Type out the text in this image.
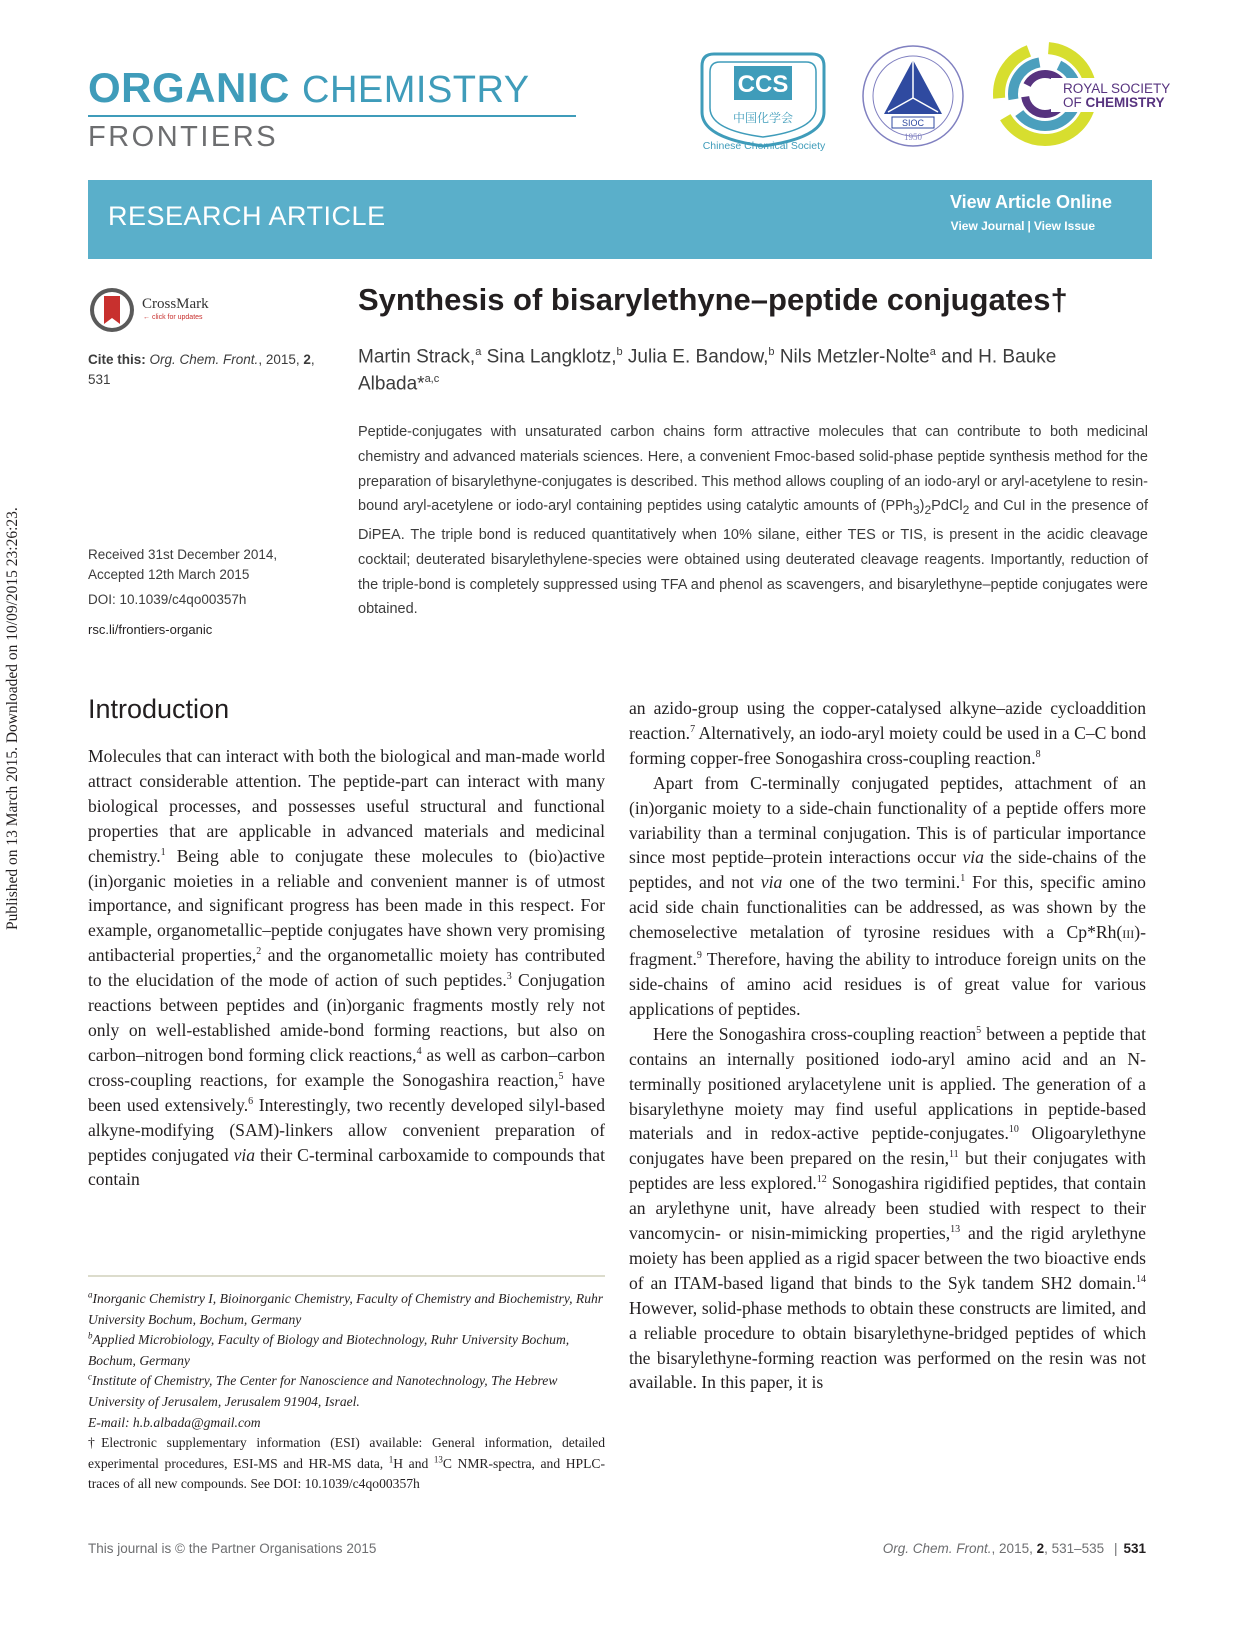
Published on 13 March 2015. Downloaded on 10/09/2015 23:26:23.
ORGANIC CHEMISTRY
FRONTIERS
CCS
中国化学会
Chinese Chemical Society
SIOC
1950
ROYAL SOCIETY
OF CHEMISTRY
RESEARCH ARTICLE	View Article Online
View Journal | View Issue
CrossMark
← click for updates
Cite this: Org. Chem. Front., 2015, 2, 531
Received 31st December 2014,
Accepted 12th March 2015
DOI: 10.1039/c4qo00357h
rsc.li/frontiers-organic
Synthesis of bisarylethyne–peptide conjugates†
Martin Strack,$^a$ Sina Langklotz,$^b$ Julia E. Bandow,$^b$ Nils Metzler-Nolte$^a$ and H. Bauke Albada*$^{a,c}$
Peptide-conjugates with unsaturated carbon chains form attractive molecules that can contribute to both medicinal chemistry and advanced materials sciences. Here, a convenient Fmoc-based solid-phase peptide synthesis method for the preparation of bisarylethyne-conjugates is described. This method allows coupling of an iodo-aryl or aryl-acetylene to resin-bound aryl-acetylene or iodo-aryl containing peptides using catalytic amounts of $(PPh_3)_2PdCl_2$ and CuI in the presence of DiPEA. The triple bond is reduced quantitatively when 10% silane, either TES or TIS, is present in the acidic cleavage cocktail; deuterated bisarylethylene-species were obtained using deuterated cleavage reagents. Importantly, reduction of the triple-bond is completely suppressed using TFA and phenol as scavengers, and bisarylethyne–peptide conjugates were obtained.
Introduction

Molecules that can interact with both the biological and man-made world attract considerable attention. The peptide-part can interact with many biological processes, and possesses useful structural and functional properties that are applicable in advanced materials and medicinal chemistry.$^1$ Being able to conjugate these molecules to (bio)active (in)organic moieties in a reliable and convenient manner is of utmost importance, and significant progress has been made in this respect. For example, organometallic–peptide conjugates have shown very promising antibacterial properties,$^2$ and the organometallic moiety has contributed to the elucidation of the mode of action of such peptides.$^3$ Conjugation reactions between peptides and (in)organic fragments mostly rely not only on well-established amide-bond forming reactions, but also on carbon–nitrogen bond forming click reactions,$^4$ as well as carbon–carbon cross-coupling reactions, for example the Sonogashira reaction,$^5$ have been used extensively.$^6$ Interestingly, two recently developed silyl-based alkyne-modifying (SAM)-linkers allow convenient preparation of peptides conjugated via their C-terminal carboxamide to compounds that contain

an azido-group using the copper-catalysed alkyne–azide cycloaddition reaction.$^7$ Alternatively, an iodo-aryl moiety could be used in a C–C bond forming copper-free Sonogashira cross-coupling reaction.$^8$

Apart from C-terminally conjugated peptides, attachment of an (in)organic moiety to a side-chain functionality of a peptide offers more variability than a terminal conjugation. This is of particular importance since most peptide–protein interactions occur via the side-chains of the peptides, and not via one of the two termini.$^1$ For this, specific amino acid side chain functionalities can be addressed, as was shown by the chemoselective metalation of tyrosine residues with a Cp*Rh(III)-fragment.$^9$ Therefore, having the ability to introduce foreign units on the side-chains of amino acid residues is of great value for various applications of peptides.

Here the Sonogashira cross-coupling reaction$^5$ between a peptide that contains an internally positioned iodo-aryl amino acid and an N-terminally positioned arylacetylene unit is applied. The generation of a bisarylethyne moiety may find useful applications in peptide-based materials and in redox-active peptide-conjugates.$^{10}$ Oligoarylethyne conjugates have been prepared on the resin,$^{11}$ but their conjugates with peptides are less explored.$^{12}$ Sonogashira rigidified peptides, that contain an arylethyne unit, have already been studied with respect to their vancomycin- or nisin-mimicking properties,$^{13}$ and the rigid arylethyne moiety has been applied as a rigid spacer between the two bioactive ends of an ITAM-based ligand that binds to the Syk tandem SH2 domain.$^{14}$ However, solid-phase methods to obtain these constructs are limited, and a reliable procedure to obtain bisarylethyne-bridged peptides of which the bisarylethyne-forming reaction was performed on the resin was not available. In this paper, it is

$^a$Inorganic Chemistry I, Bioinorganic Chemistry, Faculty of Chemistry and Biochemistry, Ruhr University Bochum, Bochum, Germany
$^b$Applied Microbiology, Faculty of Biology and Biotechnology, Ruhr University Bochum, Bochum, Germany
$^c$Institute of Chemistry, The Center for Nanoscience and Nanotechnology, The Hebrew University of Jerusalem, Jerusalem 91904, Israel.
E-mail: h.b.albada@gmail.com
†Electronic supplementary information (ESI) available: General information, detailed experimental procedures, ESI-MS and HR-MS data, $^1$H and $^{13}$C NMR-spectra, and HPLC-traces of all new compounds. See DOI: 10.1039/c4qo00357h
This journal is © the Partner Organisations 2015	Org. Chem. Front., 2015, 2, 531–535 | 531
